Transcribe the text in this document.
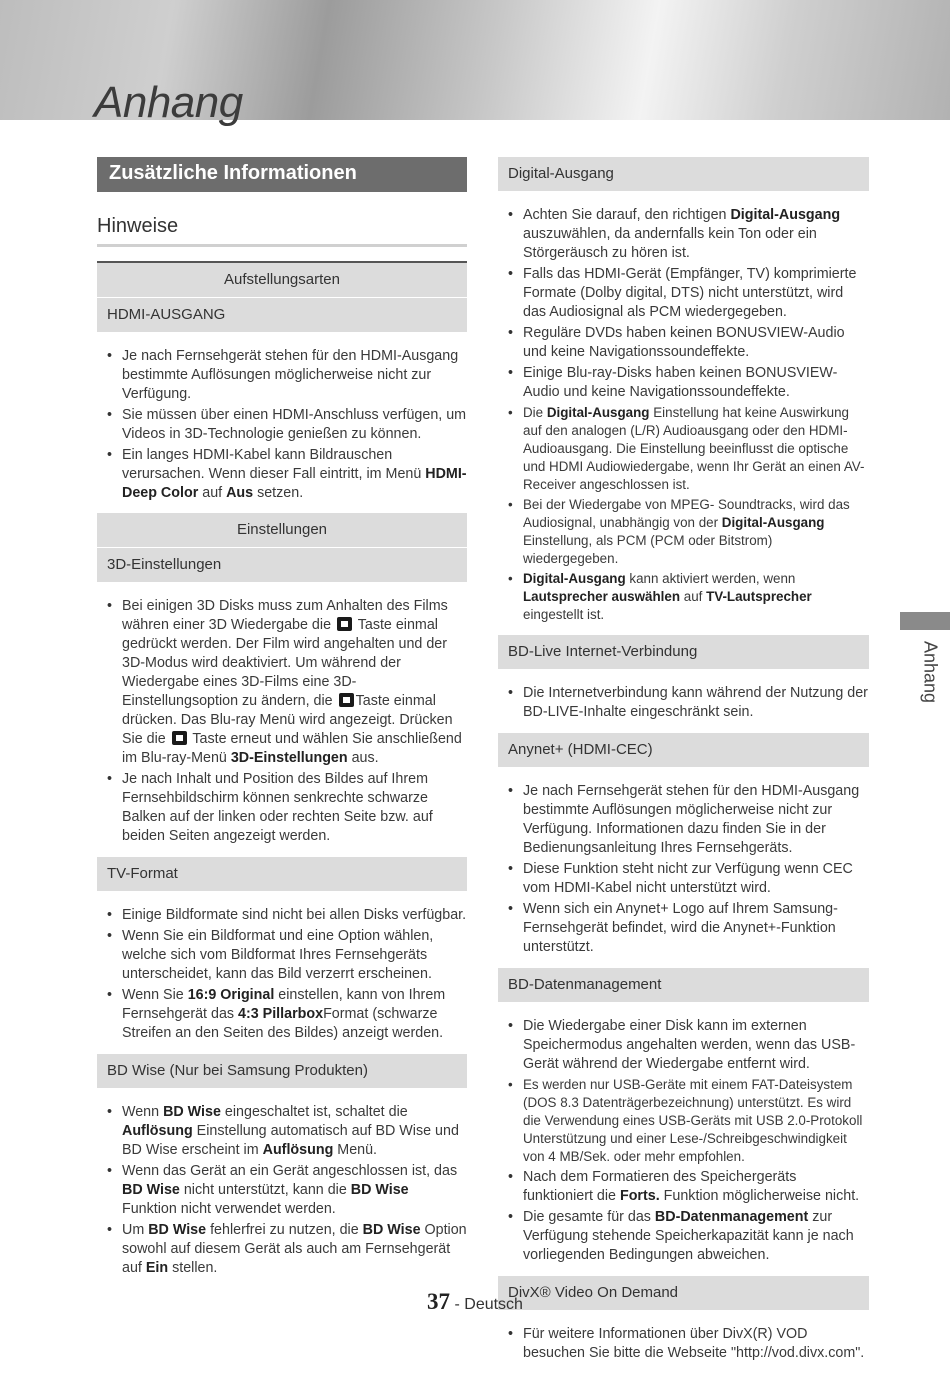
Anhang
Anhang
Zusätzliche Informationen
Hinweise
Aufstellungsarten
HDMI-AUSGANG
• Je nach Fernsehgerät stehen für den HDMI-Ausgang bestimmte Auflösungen möglicherweise nicht zur Verfügung.
• Sie müssen über einen HDMI-Anschluss verfügen, um Videos in 3D-Technologie genießen zu können.
• Ein langes HDMI-Kabel kann Bildrauschen verursachen. Wenn dieser Fall eintritt, im Menü HDMI-Deep Color auf Aus setzen.
Einstellungen
3D-Einstellungen
• Bei einigen 3D Disks muss zum Anhalten des Films währen einer 3D Wiedergabe die  Taste einmal gedrückt werden. Der Film wird angehalten und der 3D-Modus wird deaktiviert. Um während der Wiedergabe eines 3D-Films eine 3D-Einstellungsoption zu ändern, die Taste einmal drücken. Das Blu-ray Menü wird angezeigt. Drücken Sie die  Taste erneut und wählen Sie anschließend im Blu-ray-Menü 3D-Einstellungen aus.
• Je nach Inhalt und Position des Bildes auf Ihrem Fernsehbildschirm können senkrechte schwarze Balken auf der linken oder rechten Seite bzw. auf beiden Seiten angezeigt werden.
TV-Format
• Einige Bildformate sind nicht bei allen Disks verfügbar.
• Wenn Sie ein Bildformat und eine Option wählen, welche sich vom Bildformat Ihres Fernsehgeräts unterscheidet, kann das Bild verzerrt erscheinen.
• Wenn Sie 16:9 Original einstellen, kann von Ihrem Fernsehgerät das 4:3 PillarboxFormat (schwarze Streifen an den Seiten des Bildes) anzeigt werden.
BD Wise (Nur bei Samsung Produkten)
• Wenn BD Wise eingeschaltet ist, schaltet die Auflösung Einstellung automatisch auf BD Wise und BD Wise erscheint im Auflösung Menü.
• Wenn das Gerät an ein Gerät angeschlossen ist, das BD Wise nicht unterstützt, kann die BD Wise Funktion nicht verwendet werden.
• Um BD Wise fehlerfrei zu nutzen, die BD Wise Option sowohl auf diesem Gerät als auch am Fernsehgerät auf Ein stellen.
Digital-Ausgang
• Achten Sie darauf, den richtigen Digital-Ausgang auszuwählen, da andernfalls kein Ton oder ein Störgeräusch zu hören ist.
• Falls das HDMI-Gerät (Empfänger, TV) komprimierte Formate (Dolby digital, DTS) nicht unterstützt, wird das Audiosignal als PCM wiedergegeben.
• Reguläre DVDs haben keinen BONUSVIEW-Audio und keine Navigationssoundeffekte.
• Einige Blu-ray-Disks haben keinen BONUSVIEW-Audio und keine Navigationssoundeffekte.
• Die Digital-Ausgang Einstellung hat keine Auswirkung auf den analogen (L/R) Audioausgang oder den HDMI-Audioausgang. Die Einstellung beeinflusst die optische und HDMI Audiowiedergabe, wenn Ihr Gerät an einen AV-Receiver angeschlossen ist.
• Bei der Wiedergabe von MPEG- Soundtracks, wird das Audiosignal, unabhängig von der Digital-Ausgang Einstellung, als PCM (PCM oder Bitstrom) wiedergegeben.
• Digital-Ausgang kann aktiviert werden, wenn Lautsprecher auswählen auf TV-Lautsprecher eingestellt ist.
BD-Live Internet-Verbindung
• Die Internetverbindung kann während der Nutzung der BD-LIVE-Inhalte eingeschränkt sein.
Anynet+ (HDMI-CEC)
• Je nach Fernsehgerät stehen für den HDMI-Ausgang bestimmte Auflösungen möglicherweise nicht zur Verfügung. Informationen dazu finden Sie in der Bedienungsanleitung Ihres Fernsehgeräts.
• Diese Funktion steht nicht zur Verfügung wenn CEC vom HDMI-Kabel nicht unterstützt wird.
• Wenn sich ein Anynet+ Logo auf Ihrem Samsung-Fernsehgerät befindet, wird die Anynet+-Funktion unterstützt.
BD-Datenmanagement
• Die Wiedergabe einer Disk kann im externen Speichermodus angehalten werden, wenn das USB-Gerät während der Wiedergabe entfernt wird.
• Es werden nur USB-Geräte mit einem FAT-Dateisystem (DOS 8.3 Datenträgerbezeichnung) unterstützt. Es wird die Verwendung eines USB-Geräts mit USB 2.0-Protokoll Unterstützung und einer Lese-/Schreibgeschwindigkeit von 4 MB/Sek. oder mehr empfohlen.
• Nach dem Formatieren des Speichergeräts funktioniert die Forts. Funktion möglicherweise nicht.
• Die gesamte für das BD-Datenmanagement zur Verfügung stehende Speicherkapazität kann je nach vorliegenden Bedingungen abweichen.
DivX® Video On Demand
• Für weitere Informationen über DivX(R) VOD besuchen Sie bitte die Webseite "http://vod.divx.com".
37 - Deutsch
